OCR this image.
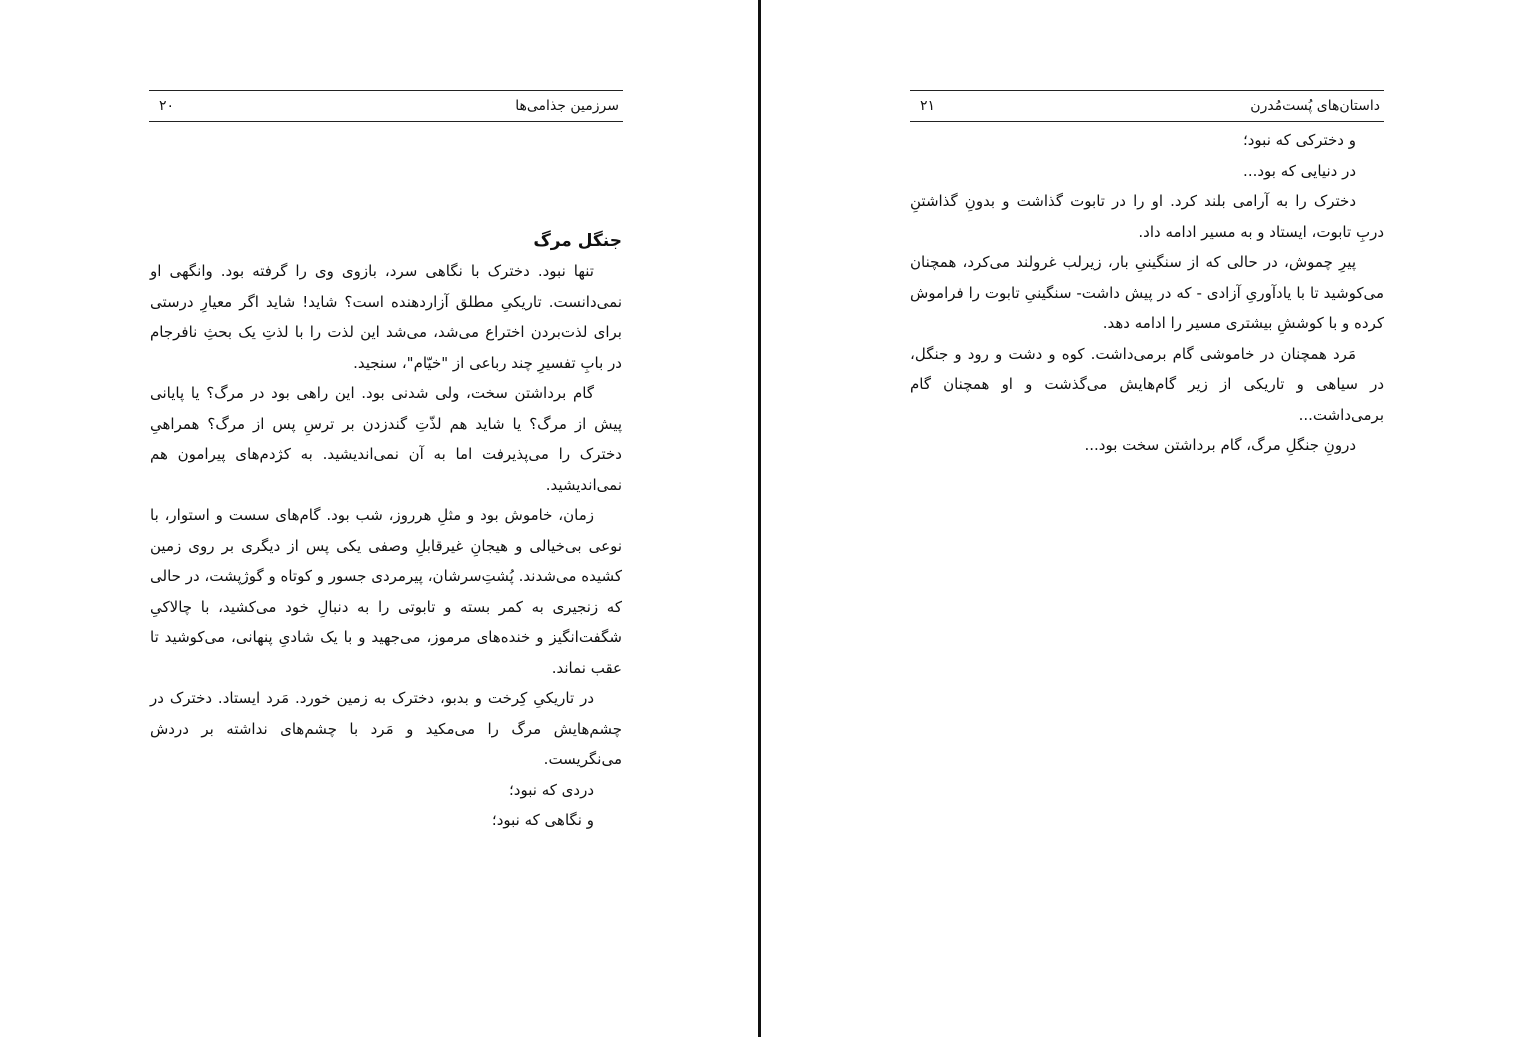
سرزمین جذامی‌ها
۲۰
جنگل مرگ

تنها نبود. دخترک با نگاهی سرد، بازوی وی را گرفته بود. وانگهی او نمی‌دانست. تاریکیِ مطلق آزاردهنده است؟ شاید! شاید اگر معیارِ درستی برای لذت‌بردن اختراع می‌شد، می‌شد این لذت را با لذتِ یک بحثِ نافرجام در بابِ تفسیرِ چند رباعی از "خیّام"، سنجید.

گام برداشتن سخت، ولی شدنی بود. این راهی بود در مرگ؟ یا پایانی پیش از مرگ؟ یا شاید هم لذّتِ گندزدن بر ترسِ پس از مرگ؟ همراهیِ دخترک را می‌پذیرفت اما به آن نمی‌اندیشید. به کژدم‌های پیرامون هم نمی‌اندیشید.

زمان، خاموش بود و مثلِ هرروز، شب بود. گام‌های سست و استوار، با نوعی بی‌خیالی و هیجانِ غیرقابلِ وصفی یکی پس از دیگری بر روی زمین کشیده می‌شدند. پُشت‌ِسرشان، پیرمردی جسور و کوتاه و گوژپشت، در حالی که زنجیری به کمر بسته و تابوتی را به دنبالِ خود می‌کشید، با چالاکیِ شگفت‌انگیز و خنده‌های مرموز، می‌جهید و با یک شادیِ پنهانی، می‌کوشید تا عقب نماند.

در تاریکیِ کِرخت و بدبو، دخترک به زمین خورد. مَرد ایستاد. دخترک در چشم‌هایش مرگ را می‌مکید و مَرد با چشم‌های نداشته بر دردش می‌نگریست.

دردی که نبود؛

و نگاهی که نبود؛

داستان‌های پُست‌مُدرن
۲۱

و دخترکی که نبود؛

در دنیایی که بود...

دخترک را به آرامی بلند کرد. او را در تابوت گذاشت و بدونِ گذاشتنِ دربِ تابوت، ایستاد و به مسیر ادامه داد.

پیرِ چموش، در حالی که از سنگینیِ بار، زیرلب غرولند می‌کرد، همچنان می‌کوشید تا با یادآوریِ آزادی - که در پیش داشت- سنگینیِ تابوت را فراموش کرده و با کوششِ بیشتری مسیر را ادامه دهد.

مَرد همچنان در خاموشی گام برمی‌داشت. کوه و دشت و رود و جنگل، در سیاهی و تاریکی از زیر گام‌هایش می‌گذشت و او همچنان گام برمی‌داشت...

درونِ جنگلِ مرگ، گام برداشتن سخت بود...
